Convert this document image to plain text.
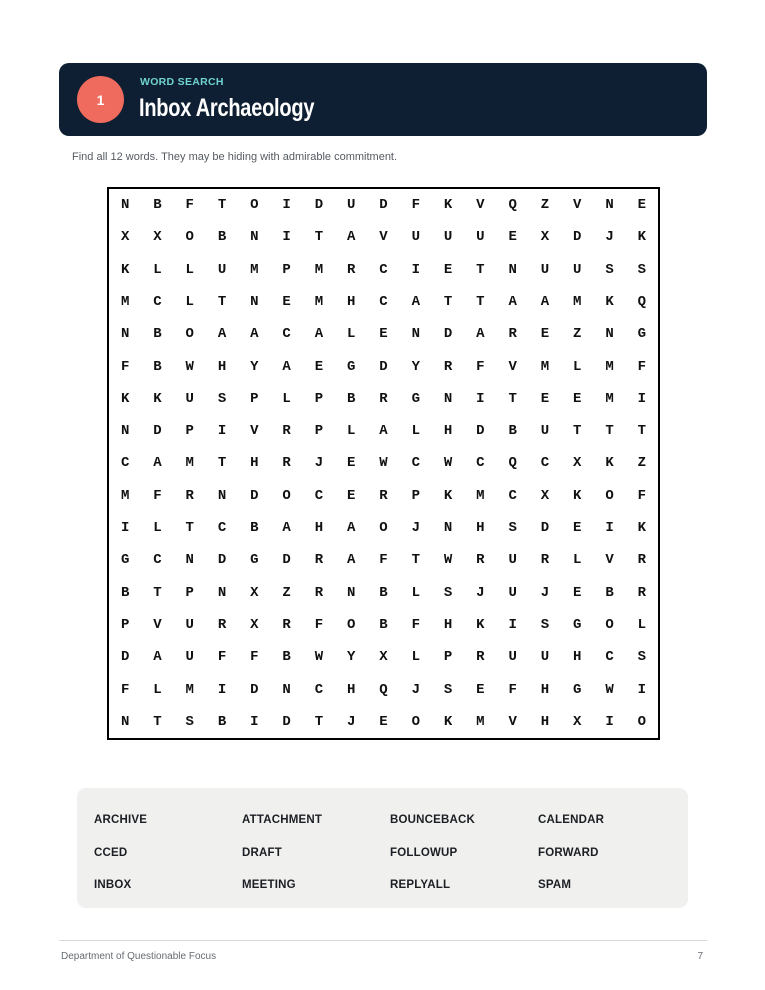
1
WORD SEARCH
Inbox Archaeology
Find all 12 words. They may be hiding with admirable commitment.
N	B	F	T	O	I	D	U	D	F	K	V	Q	Z	V	N	E
X	X	O	B	N	I	T	A	V	U	U	U	E	X	D	J	K
K	L	L	U	M	P	M	R	C	I	E	T	N	U	U	S	S
M	C	L	T	N	E	M	H	C	A	T	T	A	A	M	K	Q
N	B	O	A	A	C	A	L	E	N	D	A	R	E	Z	N	G
F	B	W	H	Y	A	E	G	D	Y	R	F	V	M	L	M	F
K	K	U	S	P	L	P	B	R	G	N	I	T	E	E	M	I
N	D	P	I	V	R	P	L	A	L	H	D	B	U	T	T	T
C	A	M	T	H	R	J	E	W	C	W	C	Q	C	X	K	Z
M	F	R	N	D	O	C	E	R	P	K	M	C	X	K	O	F
I	L	T	C	B	A	H	A	O	J	N	H	S	D	E	I	K
G	C	N	D	G	D	R	A	F	T	W	R	U	R	L	V	R
B	T	P	N	X	Z	R	N	B	L	S	J	U	J	E	B	R
P	V	U	R	X	R	F	O	B	F	H	K	I	S	G	O	L
D	A	U	F	F	B	W	Y	X	L	P	R	U	U	H	C	S
F	L	M	I	D	N	C	H	Q	J	S	E	F	H	G	W	I
N	T	S	B	I	D	T	J	E	O	K	M	V	H	X	I	O
ARCHIVE	ATTACHMENT	BOUNCEBACK	CALENDAR
CCED	DRAFT	FOLLOWUP	FORWARD
INBOX	MEETING	REPLYALL	SPAM
Department of Questionable Focus	7
